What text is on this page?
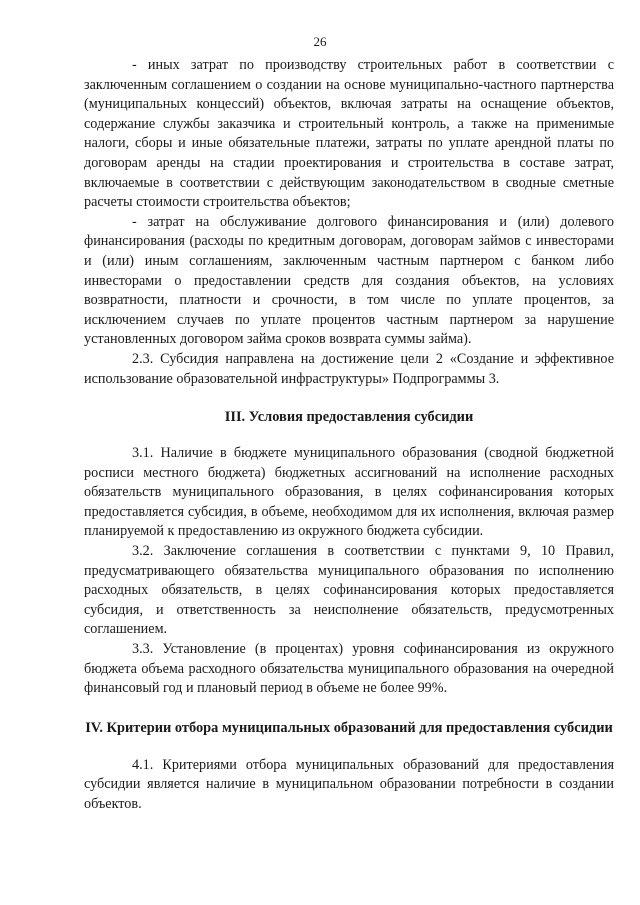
26

- иных затрат по производству строительных работ в соответствии с заключенным соглашением о создании на основе муниципально-частного партнерства (муниципальных концессий) объектов, включая затраты на оснащение объектов, содержание службы заказчика и строительный контроль, а также на применимые налоги, сборы и иные обязательные платежи, затраты по уплате арендной платы по договорам аренды на стадии проектирования и строительства в составе затрат, включаемые в соответствии с действующим законодательством в сводные сметные расчеты стоимости строительства объектов;

- затрат на обслуживание долгового финансирования и (или) долевого финансирования (расходы по кредитным договорам, договорам займов с инвесторами и (или) иным соглашениям, заключенным частным партнером с банком либо инвесторами о предоставлении средств для создания объектов, на условиях возвратности, платности и срочности, в том числе по уплате процентов, за исключением случаев по уплате процентов частным партнером за нарушение установленных договором займа сроков возврата суммы займа).

2.3. Субсидия направлена на достижение цели 2 «Создание и эффективное использование образовательной инфраструктуры» Подпрограммы 3.

III. Условия предоставления субсидии

3.1. Наличие в бюджете муниципального образования (сводной бюджетной росписи местного бюджета) бюджетных ассигнований на исполнение расходных обязательств муниципального образования, в целях софинансирования которых предоставляется субсидия, в объеме, необходимом для их исполнения, включая размер планируемой к предоставлению из окружного бюджета субсидии.

3.2. Заключение соглашения в соответствии с пунктами 9, 10 Правил, предусматривающего обязательства муниципального образования по исполнению расходных обязательств, в целях софинансирования которых предоставляется субсидия, и ответственность за неисполнение обязательств, предусмотренных соглашением.

3.3. Установление (в процентах) уровня софинансирования из окружного бюджета объема расходного обязательства муниципального образования на очередной финансовый год и плановый период в объеме не более 99%.

IV. Критерии отбора муниципальных образований для предоставления субсидии

4.1. Критериями отбора муниципальных образований для предоставления субсидии является наличие в муниципальном образовании потребности в создании объектов.
